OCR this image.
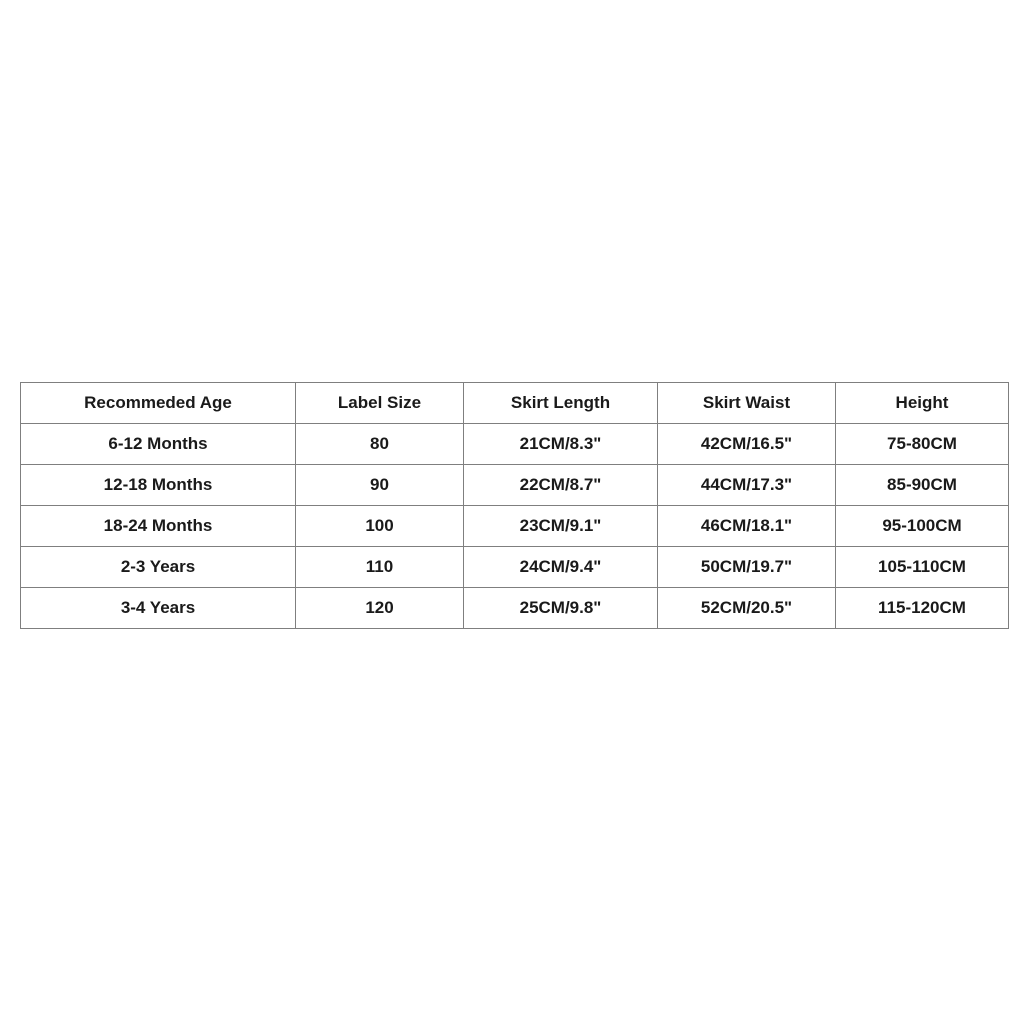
Recommeded Age	Label Size	Skirt Length	Skirt Waist	Height
6-12 Months	80	21CM/8.3"	42CM/16.5"	75-80CM
12-18 Months	90	22CM/8.7"	44CM/17.3"	85-90CM
18-24 Months	100	23CM/9.1"	46CM/18.1"	95-100CM
2-3 Years	110	24CM/9.4"	50CM/19.7"	105-110CM
3-4 Years	120	25CM/9.8"	52CM/20.5"	115-120CM
